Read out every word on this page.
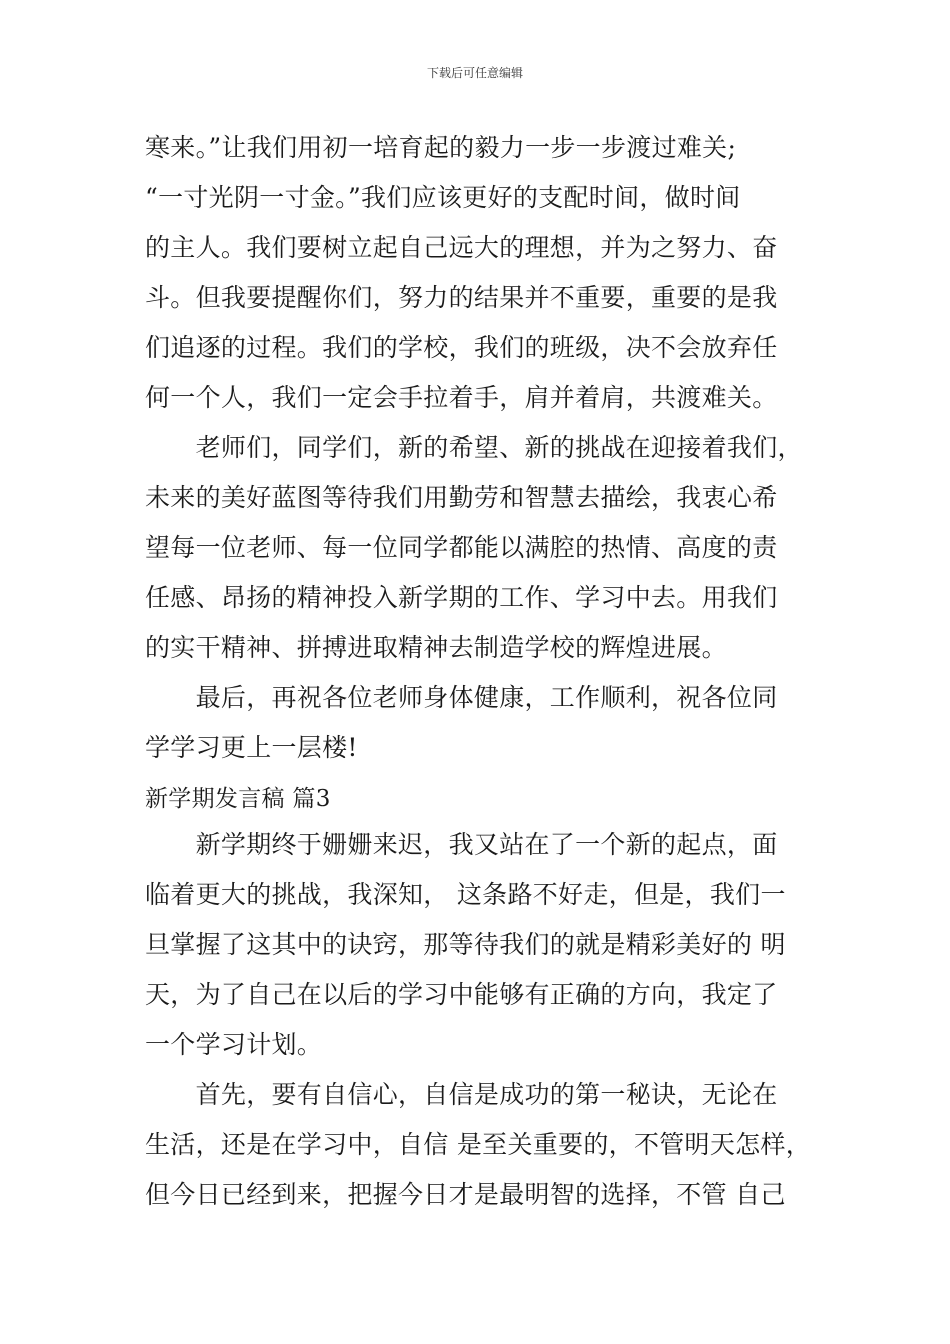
下载后可任意编辑
寒来。”让我们用初一培育起的毅力一步一步渡过难关;
“一寸光阴一寸金。”我们应该更好的支配时间，做时间
的主人。我们要树立起自己远大的理想，并为之努力、奋
斗。但我要提醒你们，努力的结果并不重要，重要的是我
们追逐的过程。我们的学校，我们的班级，决不会放弃任
何一个人，我们一定会手拉着手，肩并着肩，共渡难关。
　　老师们，同学们，新的希望、新的挑战在迎接着我们，
未来的美好蓝图等待我们用勤劳和智慧去描绘，我衷心希
望每一位老师、每一位同学都能以满腔的热情、高度的责
任感、昂扬的精神投入新学期的工作、学习中去。用我们
的实干精神、拼搏进取精神去制造学校的辉煌进展。
　　最后，再祝各位老师身体健康，工作顺利，祝各位同
学学习更上一层楼!
新学期发言稿 篇3
　　新学期终于姗姗来迟，我又站在了一个新的起点，面
临着更大的挑战，我深知， 这条路不好走，但是，我们一
旦掌握了这其中的诀窍，那等待我们的就是精彩美好的 明
天，为了自己在以后的学习中能够有正确的方向，我定了
一个学习计划。
　　首先，要有自信心，自信是成功的第一秘诀，无论在
生活，还是在学习中，自信 是至关重要的，不管明天怎样，
但今日已经到来，把握今日才是最明智的选择，不管 自己
